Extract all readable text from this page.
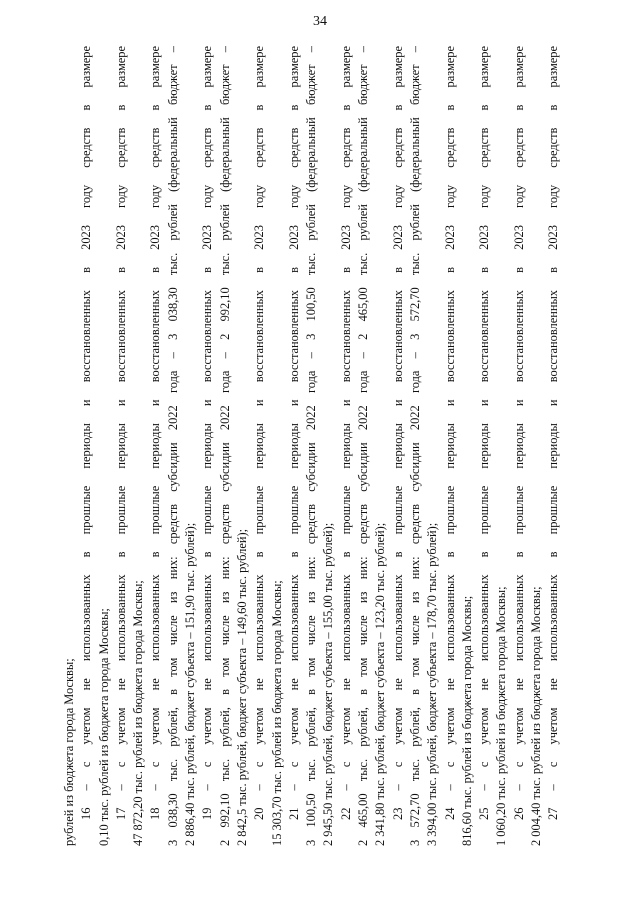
34
рублей из бюджета города Москвы; 16 – с учетом не использованных в прошлые периоды и восстановленных в 2023 году средств в размере 0,10 тыс. рублей из бюджета города Москвы; 17 – с учетом не использованных в прошлые периоды и восстановленных в 2023 году средств в размере 47 872,20 тыс. рублей из бюджета города Москвы; 18 – с учетом не использованных в прошлые периоды и восстановленных в 2023 году средств в размере 3 038,30 тыс. рублей, в том числе из них: средств субсидии 2022 года – 3 038,30 тыс. рублей (федеральный бюджет – 2 886,40 тыс. рублей, бюджет субъекта – 151,90 тыс. рублей); 19 – с учетом не использованных в прошлые периоды и восстановленных в 2023 году средств в размере 2 992,10 тыс. рублей, в том числе из них: средств субсидии 2022 года – 2 992,10 тыс. рублей (федеральный бюджет – 2 842,5 тыс. рублей, бюджет субъекта – 149,60 тыс. рублей); 20 – с учетом не использованных в прошлые периоды и восстановленных в 2023 году средств в размере 15 303,70 тыс. рублей из бюджета города Москвы; 21 – с учетом не использованных в прошлые периоды и восстановленных в 2023 году средств в размере 3 100,50 тыс. рублей, в том числе из них: средств субсидии 2022 года – 3 100,50 тыс. рублей (федеральный бюджет – 2 945,50 тыс. рублей, бюджет субъекта – 155,00 тыс. рублей); 22 – с учетом не использованных в прошлые периоды и восстановленных в 2023 году средств в размере 2 465,00 тыс. рублей, в том числе из них: средств субсидии 2022 года – 2 465,00 тыс. рублей (федеральный бюджет – 2 341,80 тыс. рублей, бюджет субъекта – 123,20 тыс. рублей); 23 – с учетом не использованных в прошлые периоды и восстановленных в 2023 году средств в размере 3 572,70 тыс. рублей, в том числе из них: средств субсидии 2022 года – 3 572,70 тыс. рублей (федеральный бюджет – 3 394,00 тыс. рублей, бюджет субъекта – 178,70 тыс. рублей); 24 – с учетом не использованных в прошлые периоды и восстановленных в 2023 году средств в размере 816,60 тыс. рублей из бюджета города Москвы; 25 – с учетом не использованных в прошлые периоды и восстановленных в 2023 году средств в размере 1 060,20 тыс. рублей из бюджета города Москвы; 26 – с учетом не использованных в прошлые периоды и восстановленных в 2023 году средств в размере 2 004,40 тыс. рублей из бюджета города Москвы; 27 – с учетом не использованных в прошлые периоды и восстановленных в 2023 году средств в размере
